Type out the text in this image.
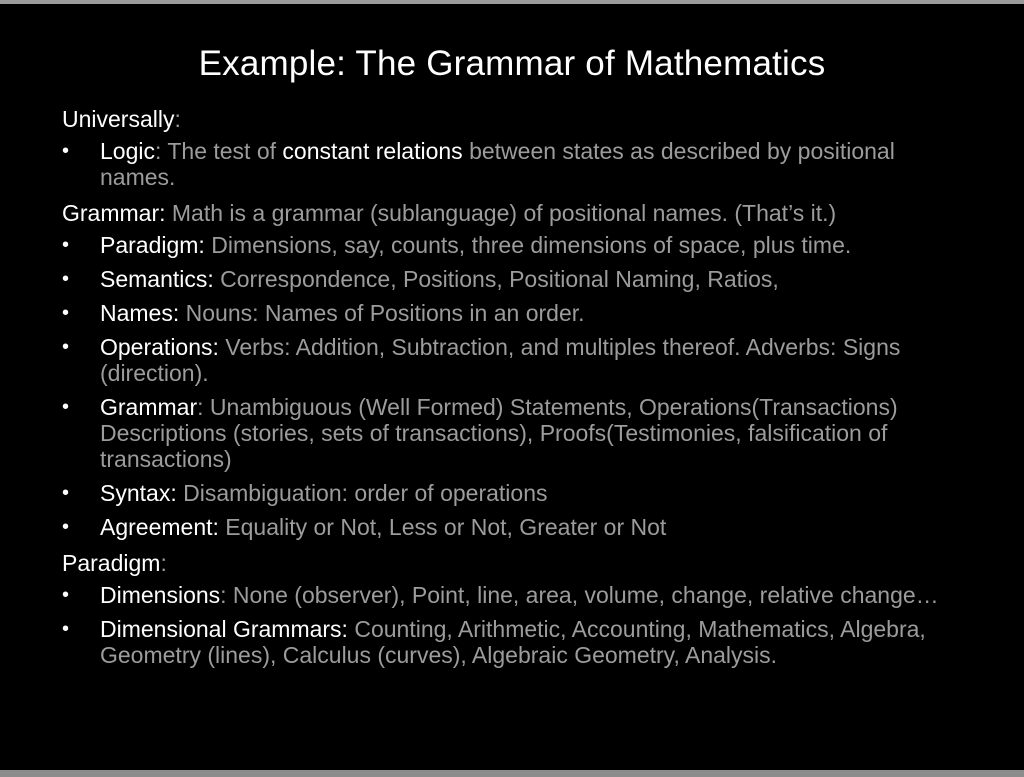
Example: The Grammar of Mathematics
Universally:
• Logic: The test of constant relations between states as described by positional names.
Grammar: Math is a grammar (sublanguage) of positional names. (That’s it.)
• Paradigm: Dimensions, say, counts, three dimensions of space, plus time.
• Semantics: Correspondence, Positions, Positional Naming, Ratios,
• Names: Nouns: Names of Positions in an order.
• Operations: Verbs: Addition, Subtraction, and multiples thereof. Adverbs: Signs (direction).
• Grammar: Unambiguous (Well Formed) Statements, Operations(Transactions) Descriptions (stories, sets of transactions), Proofs(Testimonies, falsification of transactions)
• Syntax: Disambiguation: order of operations
• Agreement: Equality or Not, Less or Not, Greater or Not
Paradigm:
• Dimensions: None (observer), Point, line, area, volume, change, relative change…
• Dimensional Grammars: Counting, Arithmetic, Accounting, Mathematics, Algebra, Geometry (lines), Calculus (curves), Algebraic Geometry, Analysis.
